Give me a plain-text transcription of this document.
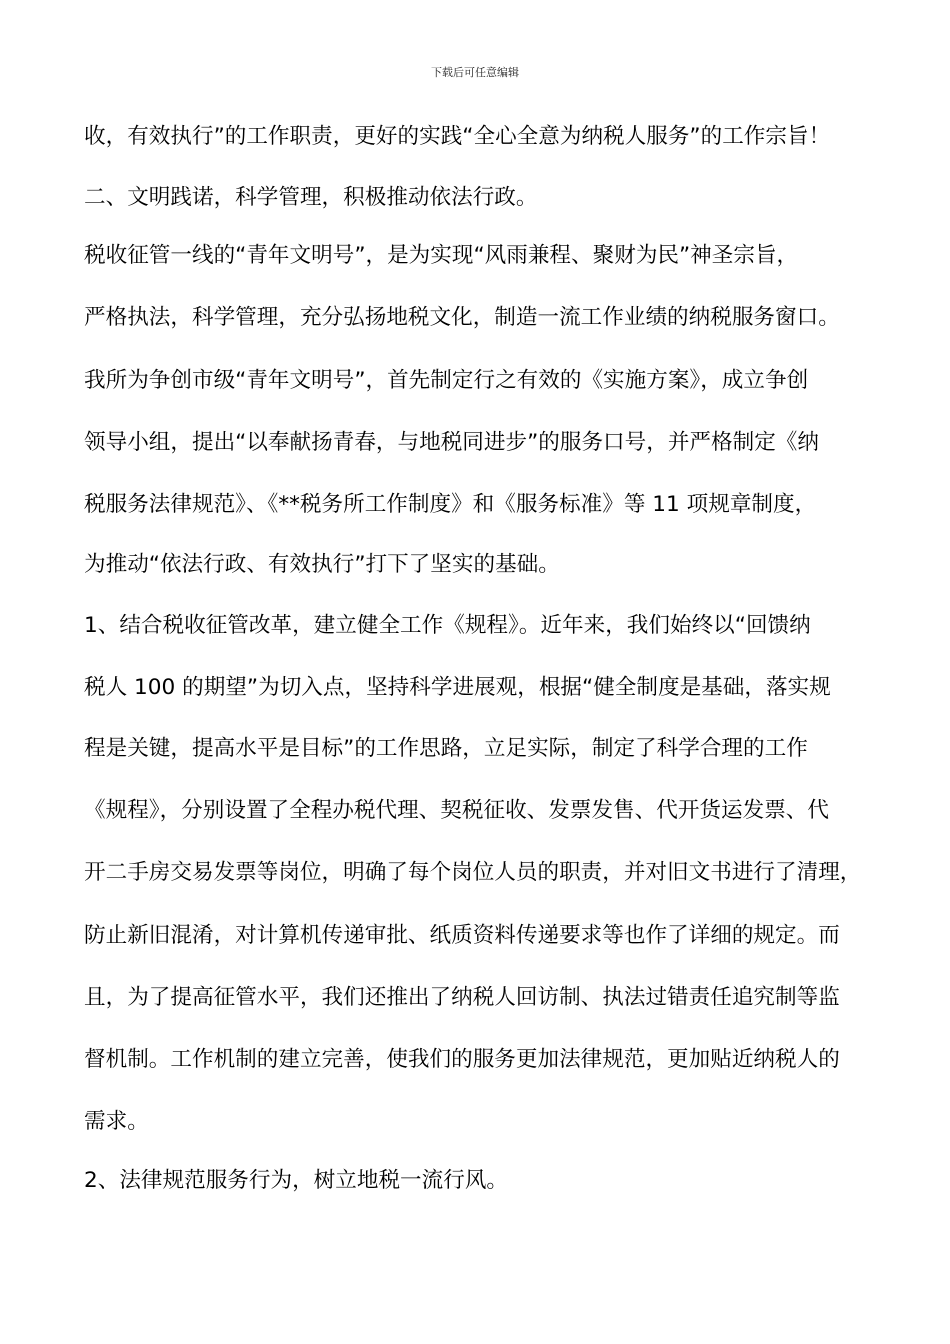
下载后可任意编辑
收，有效执行”的工作职责，更好的实践“全心全意为纳税人服务”的工作宗旨！
二、文明践诺，科学管理，积极推动依法行政。
税收征管一线的“青年文明号”，是为实现“风雨兼程、聚财为民”神圣宗旨，
严格执法，科学管理，充分弘扬地税文化，制造一流工作业绩的纳税服务窗口。
我所为争创市级“青年文明号”，首先制定行之有效的《实施方案》，成立争创
领导小组，提出“以奉献扬青春，与地税同进步”的服务口号，并严格制定《纳
税服务法律规范》、《**税务所工作制度》和《服务标准》等 11 项规章制度，
为推动“依法行政、有效执行”打下了坚实的基础。
1、结合税收征管改革，建立健全工作《规程》。近年来，我们始终以“回馈纳
税人 100 的期望”为切入点，坚持科学进展观，根据“健全制度是基础，落实规
程是关键，提高水平是目标”的工作思路，立足实际，制定了科学合理的工作
《规程》，分别设置了全程办税代理、契税征收、发票发售、代开货运发票、代
开二手房交易发票等岗位，明确了每个岗位人员的职责，并对旧文书进行了清理，
防止新旧混淆，对计算机传递审批、纸质资料传递要求等也作了详细的规定。而
且，为了提高征管水平，我们还推出了纳税人回访制、执法过错责任追究制等监
督机制。工作机制的建立完善，使我们的服务更加法律规范，更加贴近纳税人的
需求。
2、法律规范服务行为，树立地税一流行风。
